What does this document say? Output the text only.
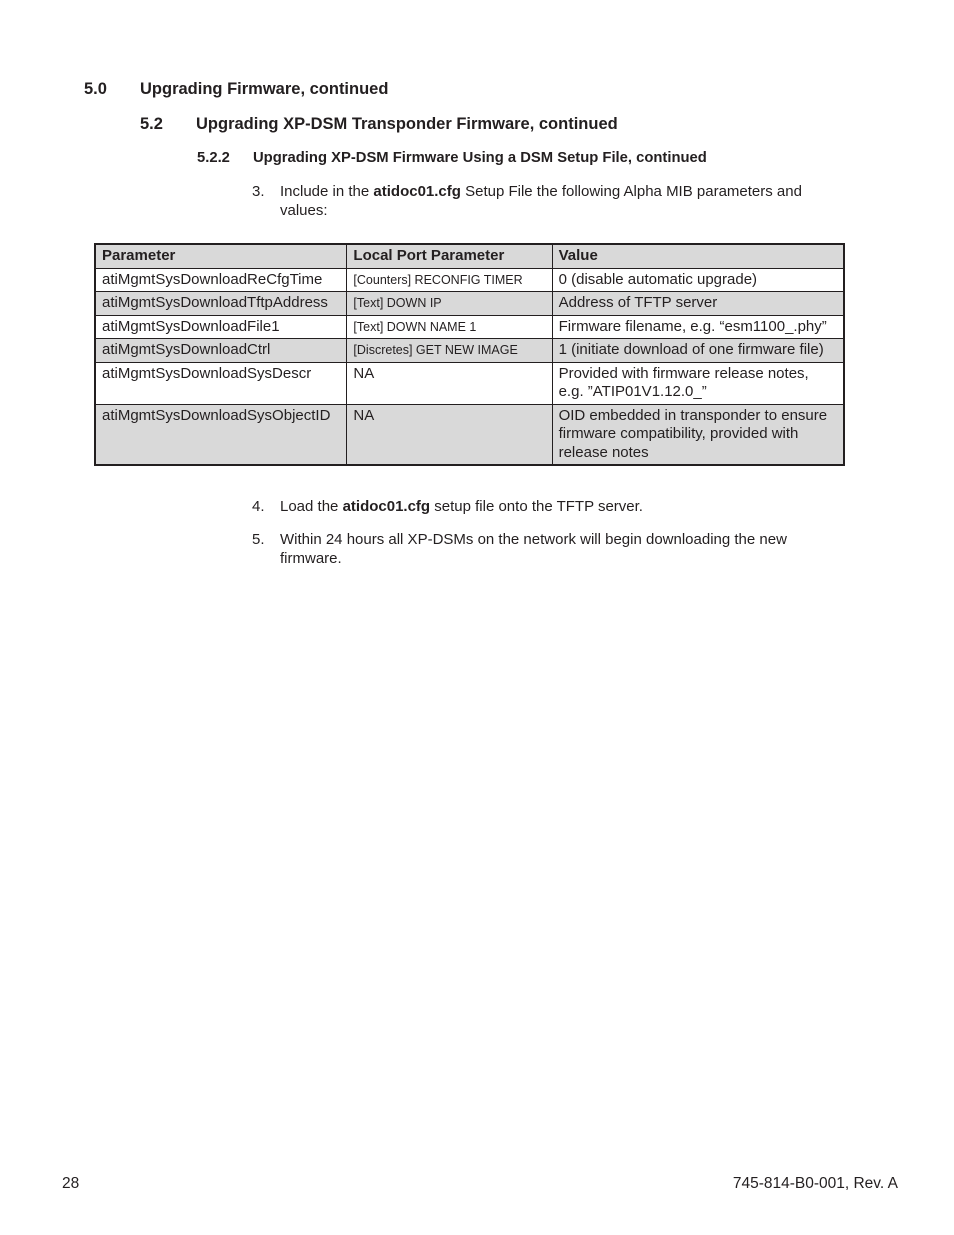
5.0 Upgrading Firmware, continued
5.2 Upgrading XP-DSM Transponder Firmware, continued
5.2.2 Upgrading XP-DSM Firmware Using a DSM Setup File, continued
3. Include in the atidoc01.cfg Setup File the following Alpha MIB parameters and values:
Parameter	Local Port Parameter	Value
atiMgmtSysDownloadReCfgTime	[Counters] RECONFIG TIMER	0 (disable automatic upgrade)
atiMgmtSysDownloadTftpAddress	[Text] DOWN IP	Address of TFTP server
atiMgmtSysDownloadFile1	[Text] DOWN NAME 1	Firmware filename, e.g. “esm1100_.phy”
atiMgmtSysDownloadCtrl	[Discretes] GET NEW IMAGE	1 (initiate download of one firmware file)
atiMgmtSysDownloadSysDescr	NA	Provided with firmware release notes, e.g. ”ATIP01V1.12.0_”
atiMgmtSysDownloadSysObjectID	NA	OID embedded in transponder to ensure firmware compatibility, provided with release notes
4. Load the atidoc01.cfg setup file onto the TFTP server.
5. Within 24 hours all XP-DSMs on the network will begin downloading the new firmware.
28	745-814-B0-001, Rev. A
